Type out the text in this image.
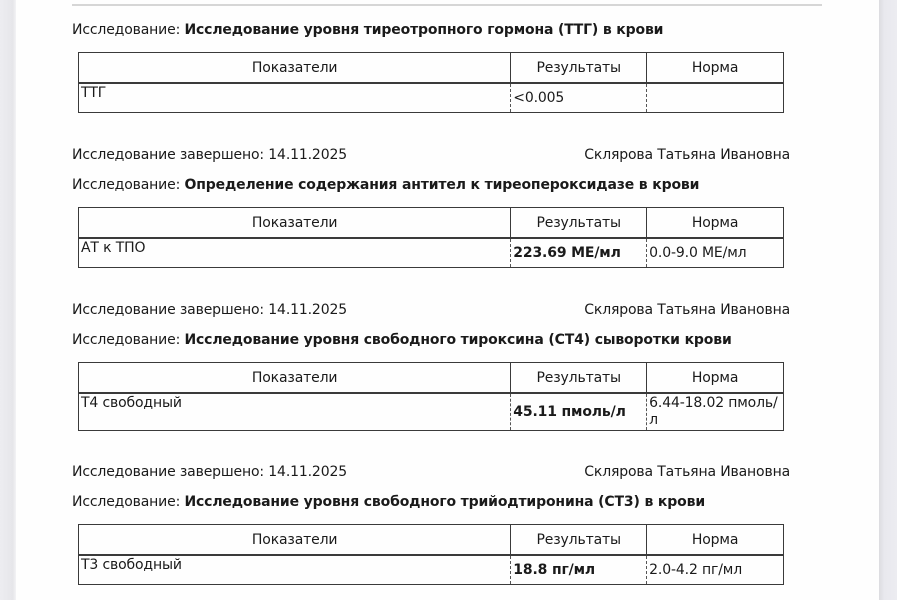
Исследование: Исследование уровня тиреотропного гормона (ТТГ) в крови
Показатели	Результаты	Норма
ТТГ	<0.005	
Исследование завершено: 14.11.2025	Склярова Татьяна Ивановна
Исследование: Определение содержания антител к тиреопероксидазе в крови
Показатели	Результаты	Норма
АТ к ТПО	223.69 МЕ/мл	0.0-9.0 МЕ/мл
Исследование завершено: 14.11.2025	Склярова Татьяна Ивановна
Исследование: Исследование уровня свободного тироксина (СТ4) сыворотки крови
Показатели	Результаты	Норма
Т4 свободный	45.11 пмоль/л	6.44-18.02 пмоль/л
Исследование завершено: 14.11.2025	Склярова Татьяна Ивановна
Исследование: Исследование уровня свободного трийодтиронина (СТ3) в крови
Показатели	Результаты	Норма
Т3 свободный	18.8 пг/мл	2.0-4.2 пг/мл
